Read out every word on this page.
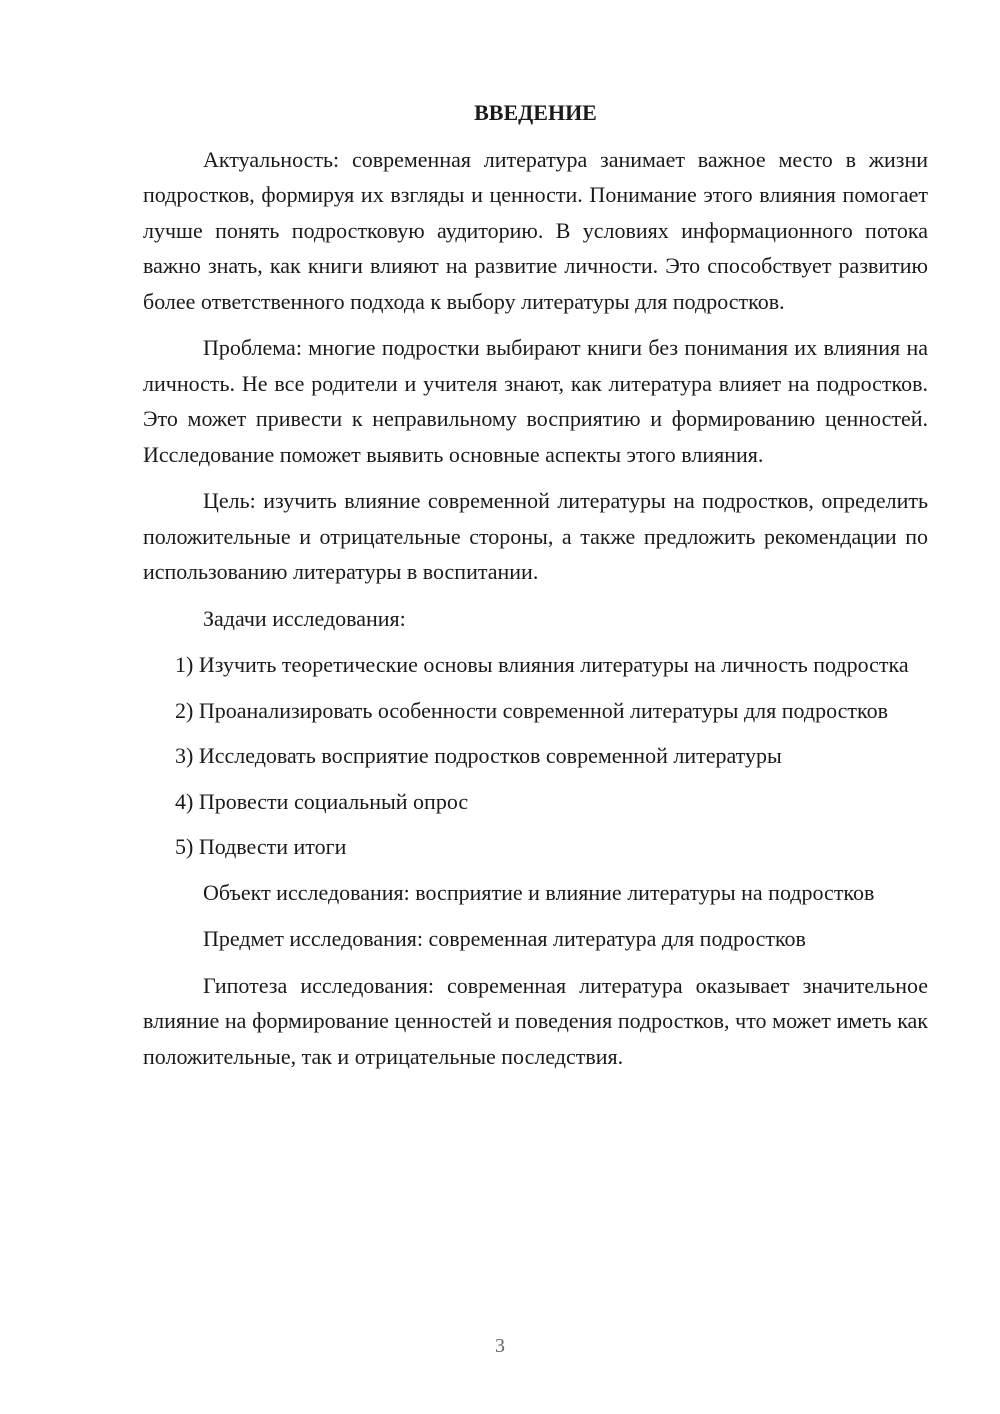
ВВЕДЕНИЕ

Актуальность: современная литература занимает важное место в жизни подростков, формируя их взгляды и ценности. Понимание этого влияния помогает лучше понять подростковую аудиторию. В условиях информационного потока важно знать, как книги влияют на развитие личности. Это способствует развитию более ответственного подхода к выбору литературы для подростков.

Проблема: многие подростки выбирают книги без понимания их влияния на личность. Не все родители и учителя знают, как литература влияет на подростков. Это может привести к неправильному восприятию и формированию ценностей. Исследование поможет выявить основные аспекты этого влияния.

Цель: изучить влияние современной литературы на подростков, определить положительные и отрицательные стороны, а также предложить рекомендации по использованию литературы в воспитании.

Задачи исследования:

1) Изучить теоретические основы влияния литературы на личность подростка

2) Проанализировать особенности современной литературы для подростков

3) Исследовать восприятие подростков современной литературы

4) Провести социальный опрос

5) Подвести итоги

Объект исследования: восприятие и влияние литературы на подростков

Предмет исследования: современная литература для подростков

Гипотеза исследования: современная литература оказывает значительное влияние на формирование ценностей и поведения подростков, что может иметь как положительные, так и отрицательные последствия.

3
